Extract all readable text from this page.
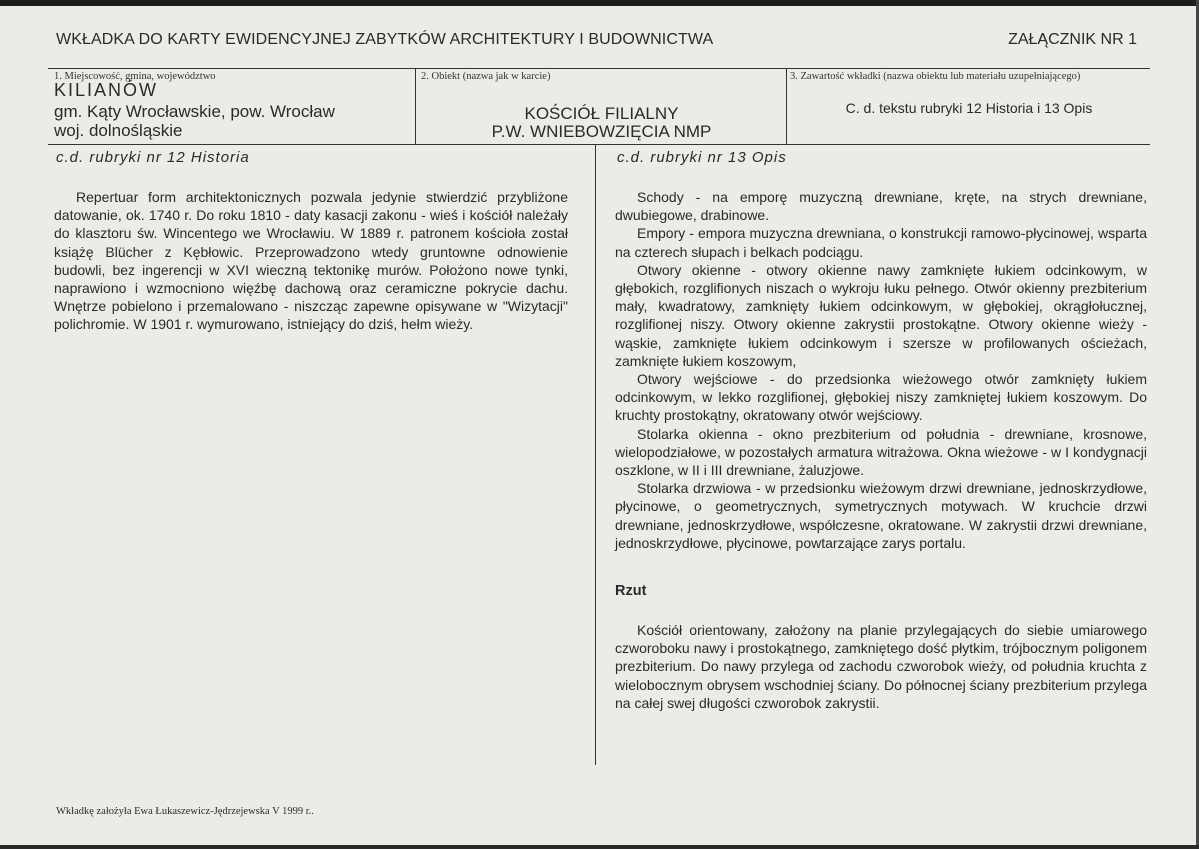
WKŁADKA DO KARTY EWIDENCYJNEJ ZABYTKÓW ARCHITEKTURY I BUDOWNICTWA	ZAŁĄCZNIK NR 1
1. Miejscowość, gmina, województwo
KILIANÓW
gm. Kąty Wrocławskie, pow. Wrocław
woj. dolnośląskie
2. Obiekt (nazwa jak w karcie)
KOŚCIÓŁ FILIALNY
P.W. WNIEBOWZIĘCIA NMP
3. Zawartość wkładki (nazwa obiektu lub materiału uzupełniającego)
C. d. tekstu rubryki 12 Historia i 13 Opis
c.d. rubryki nr 12 Historia

Repertuar form architektonicznych pozwala jedynie stwierdzić przybliżone datowanie, ok. 1740 r. Do roku 1810 - daty kasacji zakonu - wieś i kościół należały do klasztoru św. Wincentego we Wrocławiu. W 1889 r. patronem kościoła został książę Blücher z Kębłowic. Przeprowadzono wtedy gruntowne odnowienie budowli, bez ingerencji w XVI wieczną tektonikę murów. Położono nowe tynki, naprawiono i wzmocniono więźbę dachową oraz ceramiczne pokrycie dachu. Wnętrze pobielono i przemalowano - niszcząc zapewne opisywane w "Wizytacji" polichromie. W 1901 r. wymurowano, istniejący do dziś, hełm wieży.

c.d. rubryki nr 13 Opis

Schody - na emporę muzyczną drewniane, kręte, na strych drewniane, dwubiegowe, drabinowe.

Empory - empora muzyczna drewniana, o konstrukcji ramowo-płycinowej, wsparta na czterech słupach i belkach podciągu.

Otwory okienne - otwory okienne nawy zamknięte łukiem odcinkowym, w głębokich, rozglifionych niszach o wykroju łuku pełnego. Otwór okienny prezbiterium mały, kwadratowy, zamknięty łukiem odcinkowym, w głębokiej, okrągłołucznej, rozglifionej niszy. Otwory okienne zakrystii prostokątne. Otwory okienne wieży - wąskie, zamknięte łukiem odcinkowym i szersze w profilowanych ościeżach, zamknięte łukiem koszowym,

Otwory wejściowe - do przedsionka wieżowego otwór zamknięty łukiem odcinkowym, w lekko rozglifionej, głębokiej niszy zamkniętej łukiem koszowym. Do kruchty prostokątny, okratowany otwór wejściowy.

Stolarka okienna - okno prezbiterium od południa - drewniane, krosnowe, wielopodziałowe, w pozostałych armatura witrażowa. Okna wieżowe - w I kondygnacji oszklone, w II i III drewniane, żaluzjowe.

Stolarka drzwiowa - w przedsionku wieżowym drzwi drewniane, jednoskrzydłowe, płycinowe, o geometrycznych, symetrycznych motywach. W kruchcie drzwi drewniane, jednoskrzydłowe, współczesne, okratowane. W zakrystii drzwi drewniane, jednoskrzydłowe, płycinowe, powtarzające zarys portalu.

Rzut

Kościół orientowany, założony na planie przylegających do siebie umiarowego czworoboku nawy i prostokątnego, zamkniętego dość płytkim, trójbocznym poligonem prezbiterium. Do nawy przylega od zachodu czworobok wieży, od południa kruchta z wielobocznym obrysem wschodniej ściany. Do północnej ściany prezbiterium przylega na całej swej długości czworobok zakrystii.

Wkładkę założyła Ewa Łukaszewicz-Jędrzejewska V 1999 r..
